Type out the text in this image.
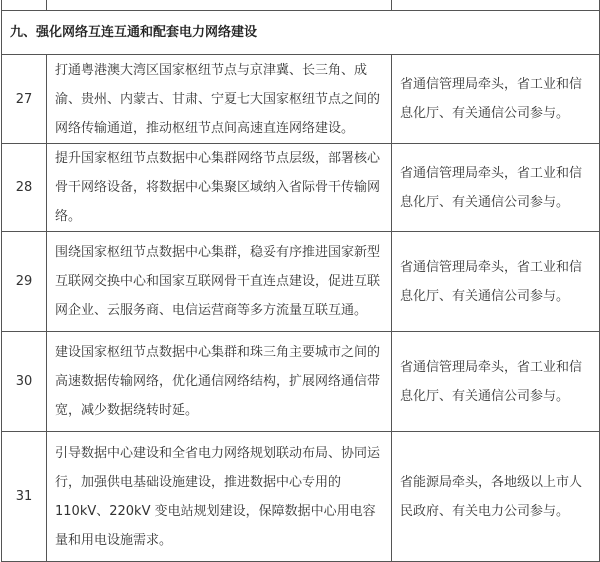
九、强化网络互连互通和配套电力网络建设		
27	打通粤港澳大湾区国家枢纽节点与京津冀、长三角、成渝、贵州、内蒙古、甘肃、宁夏七大国家枢纽节点之间的网络传输通道，推动枢纽节点间高速直连网络建设。	省通信管理局牵头，省工业和信息化厅、有关通信公司参与。
28	提升国家枢纽节点数据中心集群网络节点层级，部署核心骨干网络设备，将数据中心集聚区域纳入省际骨干传输网络。	省通信管理局牵头，省工业和信息化厅、有关通信公司参与。
29	围绕国家枢纽节点数据中心集群，稳妥有序推进国家新型互联网交换中心和国家互联网骨干直连点建设，促进互联网企业、云服务商、电信运营商等多方流量互联互通。	省通信管理局牵头，省工业和信息化厅、有关通信公司参与。
30	建设国家枢纽节点数据中心集群和珠三角主要城市之间的高速数据传输网络，优化通信网络结构，扩展网络通信带宽，减少数据绕转时延。	省通信管理局牵头，省工业和信息化厅、有关通信公司参与。
31	引导数据中心建设和全省电力网络规划联动布局、协同运行，加强供电基础设施建设，推进数据中心专用的 110kV、220kV 变电站规划建设，保障数据中心用电容量和用电设施需求。	省能源局牵头，各地级以上市人民政府、有关电力公司参与。
